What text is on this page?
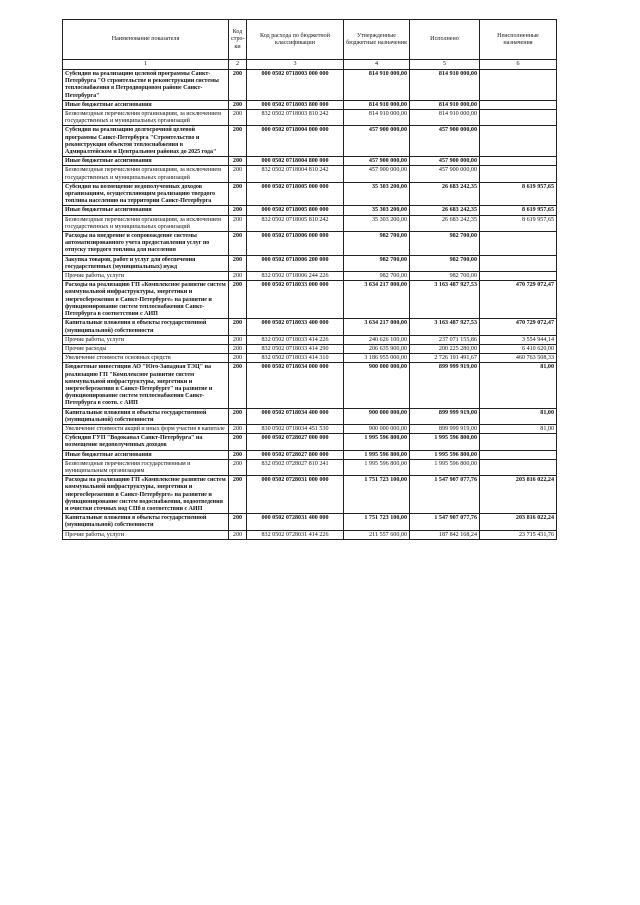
Наименование показателя	Код стро-ки	Код расхода по бюджетной классификации	Утвержденные бюджетные назначения	Исполнено	Неисполненные назначения
1	2	3	4	5	6
Субсидия на реализацию целевой программы Санкт-Петербурга "О строительстве и реконструкции системы теплоснабжения в Петродворцовом районе Санкт-Петербурга"	200	000 0502 0718003 000 000	814 910 000,00	814 910 000,00	
Иные бюджетные ассигнования	200	000 0502 0718003 800 000	814 910 000,00	814 910 000,00	
Безвозмездные перечисления организациям, за исключением государственных и муниципальных организаций	200	832 0502 0718003 810 242	814 910 000,00	814 910 000,00	
Субсидия на реализацию долгосрочной целевой программы Санкт-Петербурга "Строительство и реконструкция объектов теплоснабжения в Адмиралтейском и Центральном районах до 2025 года"	200	000 0502 0718004 000 000	457 900 000,00	457 900 000,00	
Иные бюджетные ассигнования	200	000 0502 0718004 800 000	457 900 000,00	457 900 000,00	
Безвозмездные перечисления организациям, за исключением государственных и муниципальных организаций	200	832 0502 0718004 810 242	457 900 000,00	457 900 000,00	
Субсидия на возмещение недополученных доходов организациям, осуществляющим реализацию твердого топлива населению на территории Санкт-Петербурга	200	000 0502 0718005 000 000	35 303 200,00	26 683 242,35	8 619 957,65
Иные бюджетные ассигнования	200	000 0502 0718005 800 000	35 303 200,00	26 683 242,35	8 619 957,65
Безвозмездные перечисления организациям, за исключением государственных и муниципальных организаций	200	832 0502 0718005 810 242	35 303 200,00	26 683 242,35	8 619 957,65
Расходы на внедрение и сопровождение системы автоматизированного учета предоставления услуг по отпуску твердого топлива для населения	200	000 0502 0718006 000 000	982 700,00	982 700,00	
Закупка товаров, работ и услуг для обеспечения государственных (муниципальных) нужд	200	000 0502 0718006 200 000	982 700,00	982 700,00	
Прочие работы, услуги	200	832 0502 0718006 244 226	982 700,00	982 700,00	
Расходы на реализацию ГП «Комплексное развитие систем коммунальной инфраструктуры, энергетики и энергосбережения в Санкт-Петербурге» на развитие и функционирование систем теплоснабжения Санкт-Петербурга в соответствии с АИП	200	000 0502 0718033 000 000	3 634 217 000,00	3 163 487 927,53	470 729 072,47
Капитальные вложения в объекты государственной (муниципальной) собственности	200	000 0502 0718033 400 000	3 634 217 000,00	3 163 487 927,53	470 729 072,47
Прочие работы, услуги	200	832 0502 0718033 414 226	240 626 100,00	237 071 155,86	3 554 944,14
Прочие расходы	200	832 0502 0718033 414 290	206 635 900,00	200 225 280,00	6 410 620,00
Увеличение стоимости основных средств	200	832 0502 0718033 414 310	3 186 955 000,00	2 726 191 491,67	460 763 508,33
Бюджетные инвестиции АО "Юго-Западная ТЭЦ" на реализацию ГП "Комплексное развитие систем коммунальной инфраструктуры, энергетики и энергосбережения в Санкт-Петербурге" на развитие и функционирование систем теплоснабжения Санкт-Петербурга в соотв. с АИП	200	000 0502 0718034 000 000	900 000 000,00	899 999 919,00	81,00
Капитальные вложения в объекты государственной (муниципальной) собственности	200	000 0502 0718034 400 000	900 000 000,00	899 999 919,00	81,00
Увеличение стоимости акций и иных форм участия в капитале	200	830 0502 0718034 451 530	900 000 000,00	899 999 919,00	81,00
Субсидия ГУП "Водоканал Санкт-Петербурга" на возмещение недополученных доходов	200	000 0502 0728027 000 000	1 995 596 800,00	1 995 596 800,00	
Иные бюджетные ассигнования	200	000 0502 0728027 800 000	1 995 596 800,00	1 995 596 800,00	
Безвозмездные перечисления государственным и муниципальным организациям	200	832 0502 0728027 810 241	1 995 596 800,00	1 995 596 800,00	
Расходы на реализацию ГП «Комплексное развитие систем коммунальной инфраструктуры, энергетики и энергосбережения в Санкт-Петербурге» на развитие и функционирование систем водоснабжения, водоотведения и очистки сточных вод СПб в соответствии с АИП	200	000 0502 0728031 000 000	1 751 723 100,00	1 547 907 077,76	203 816 022,24
Капитальные вложения в объекты государственной (муниципальной) собственности	200	000 0502 0728031 400 000	1 751 723 100,00	1 547 907 077,76	203 816 022,24
Прочие работы, услуги	200	832 0502 0728031 414 226	211 557 600,00	187 842 168,24	23 715 431,76
